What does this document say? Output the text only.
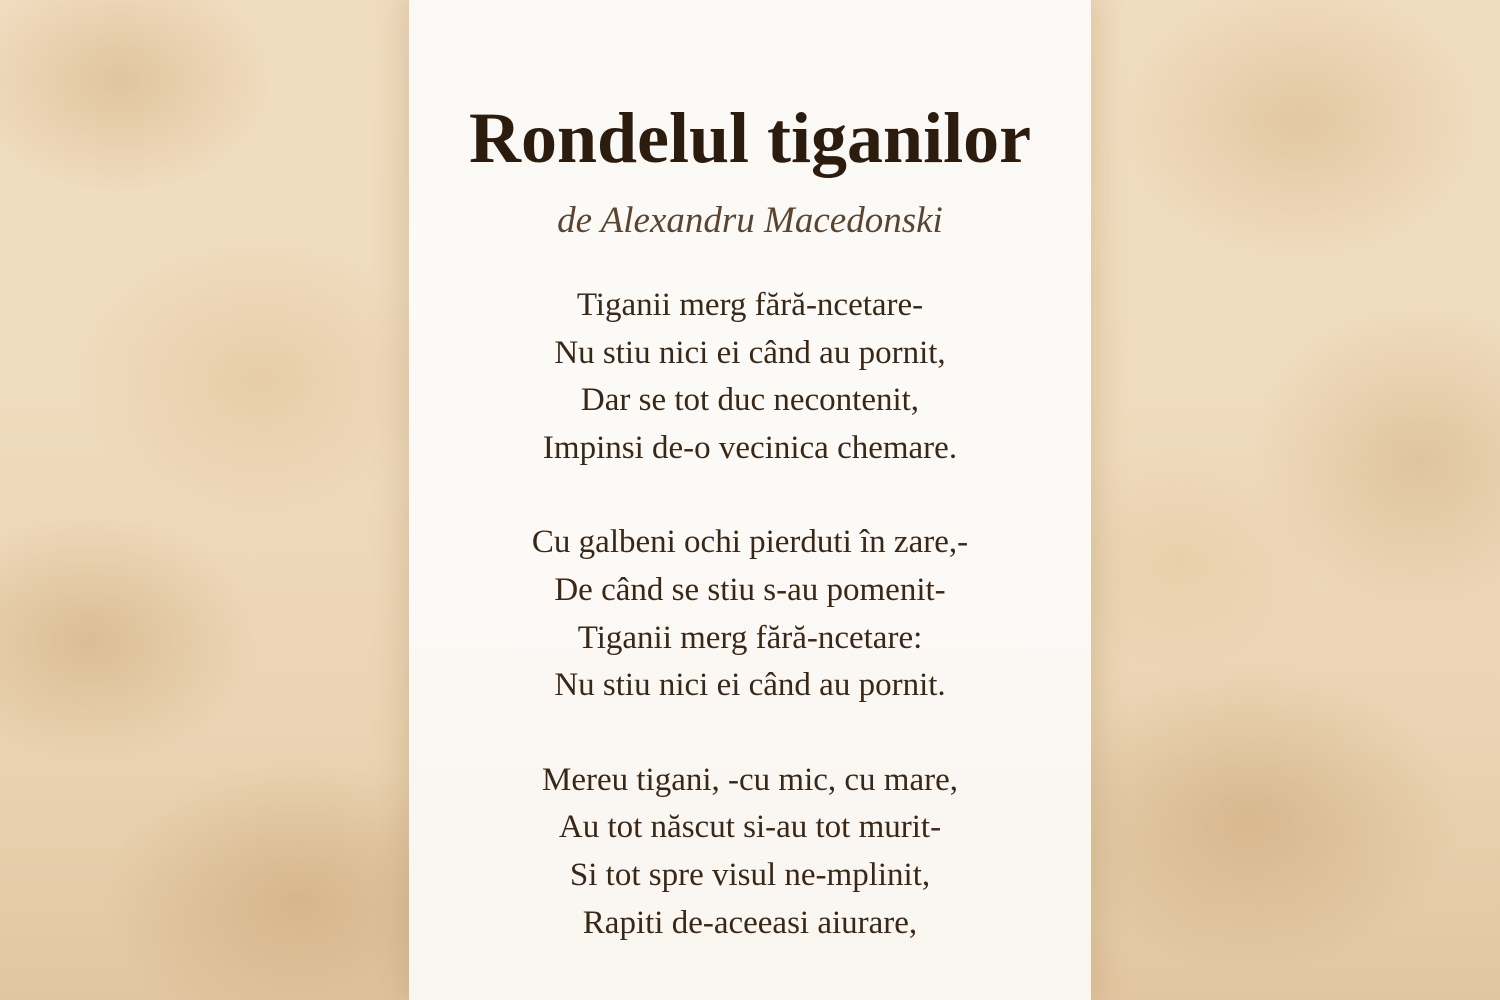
Rondelul tiganilor

de Alexandru Macedonski

Tiganii merg fără-ncetare-
Nu stiu nici ei când au pornit,
Dar se tot duc necontenit,
Impinsi de-o vecinica chemare.
Cu galbeni ochi pierduti în zare,-
De când se stiu s-au pomenit-
Tiganii merg fără-ncetare:
Nu stiu nici ei când au pornit.
Mereu tigani, -cu mic, cu mare,
Au tot născut si-au tot murit-
Si tot spre visul ne-mplinit,
Rapiti de-aceeasi aiurare,
